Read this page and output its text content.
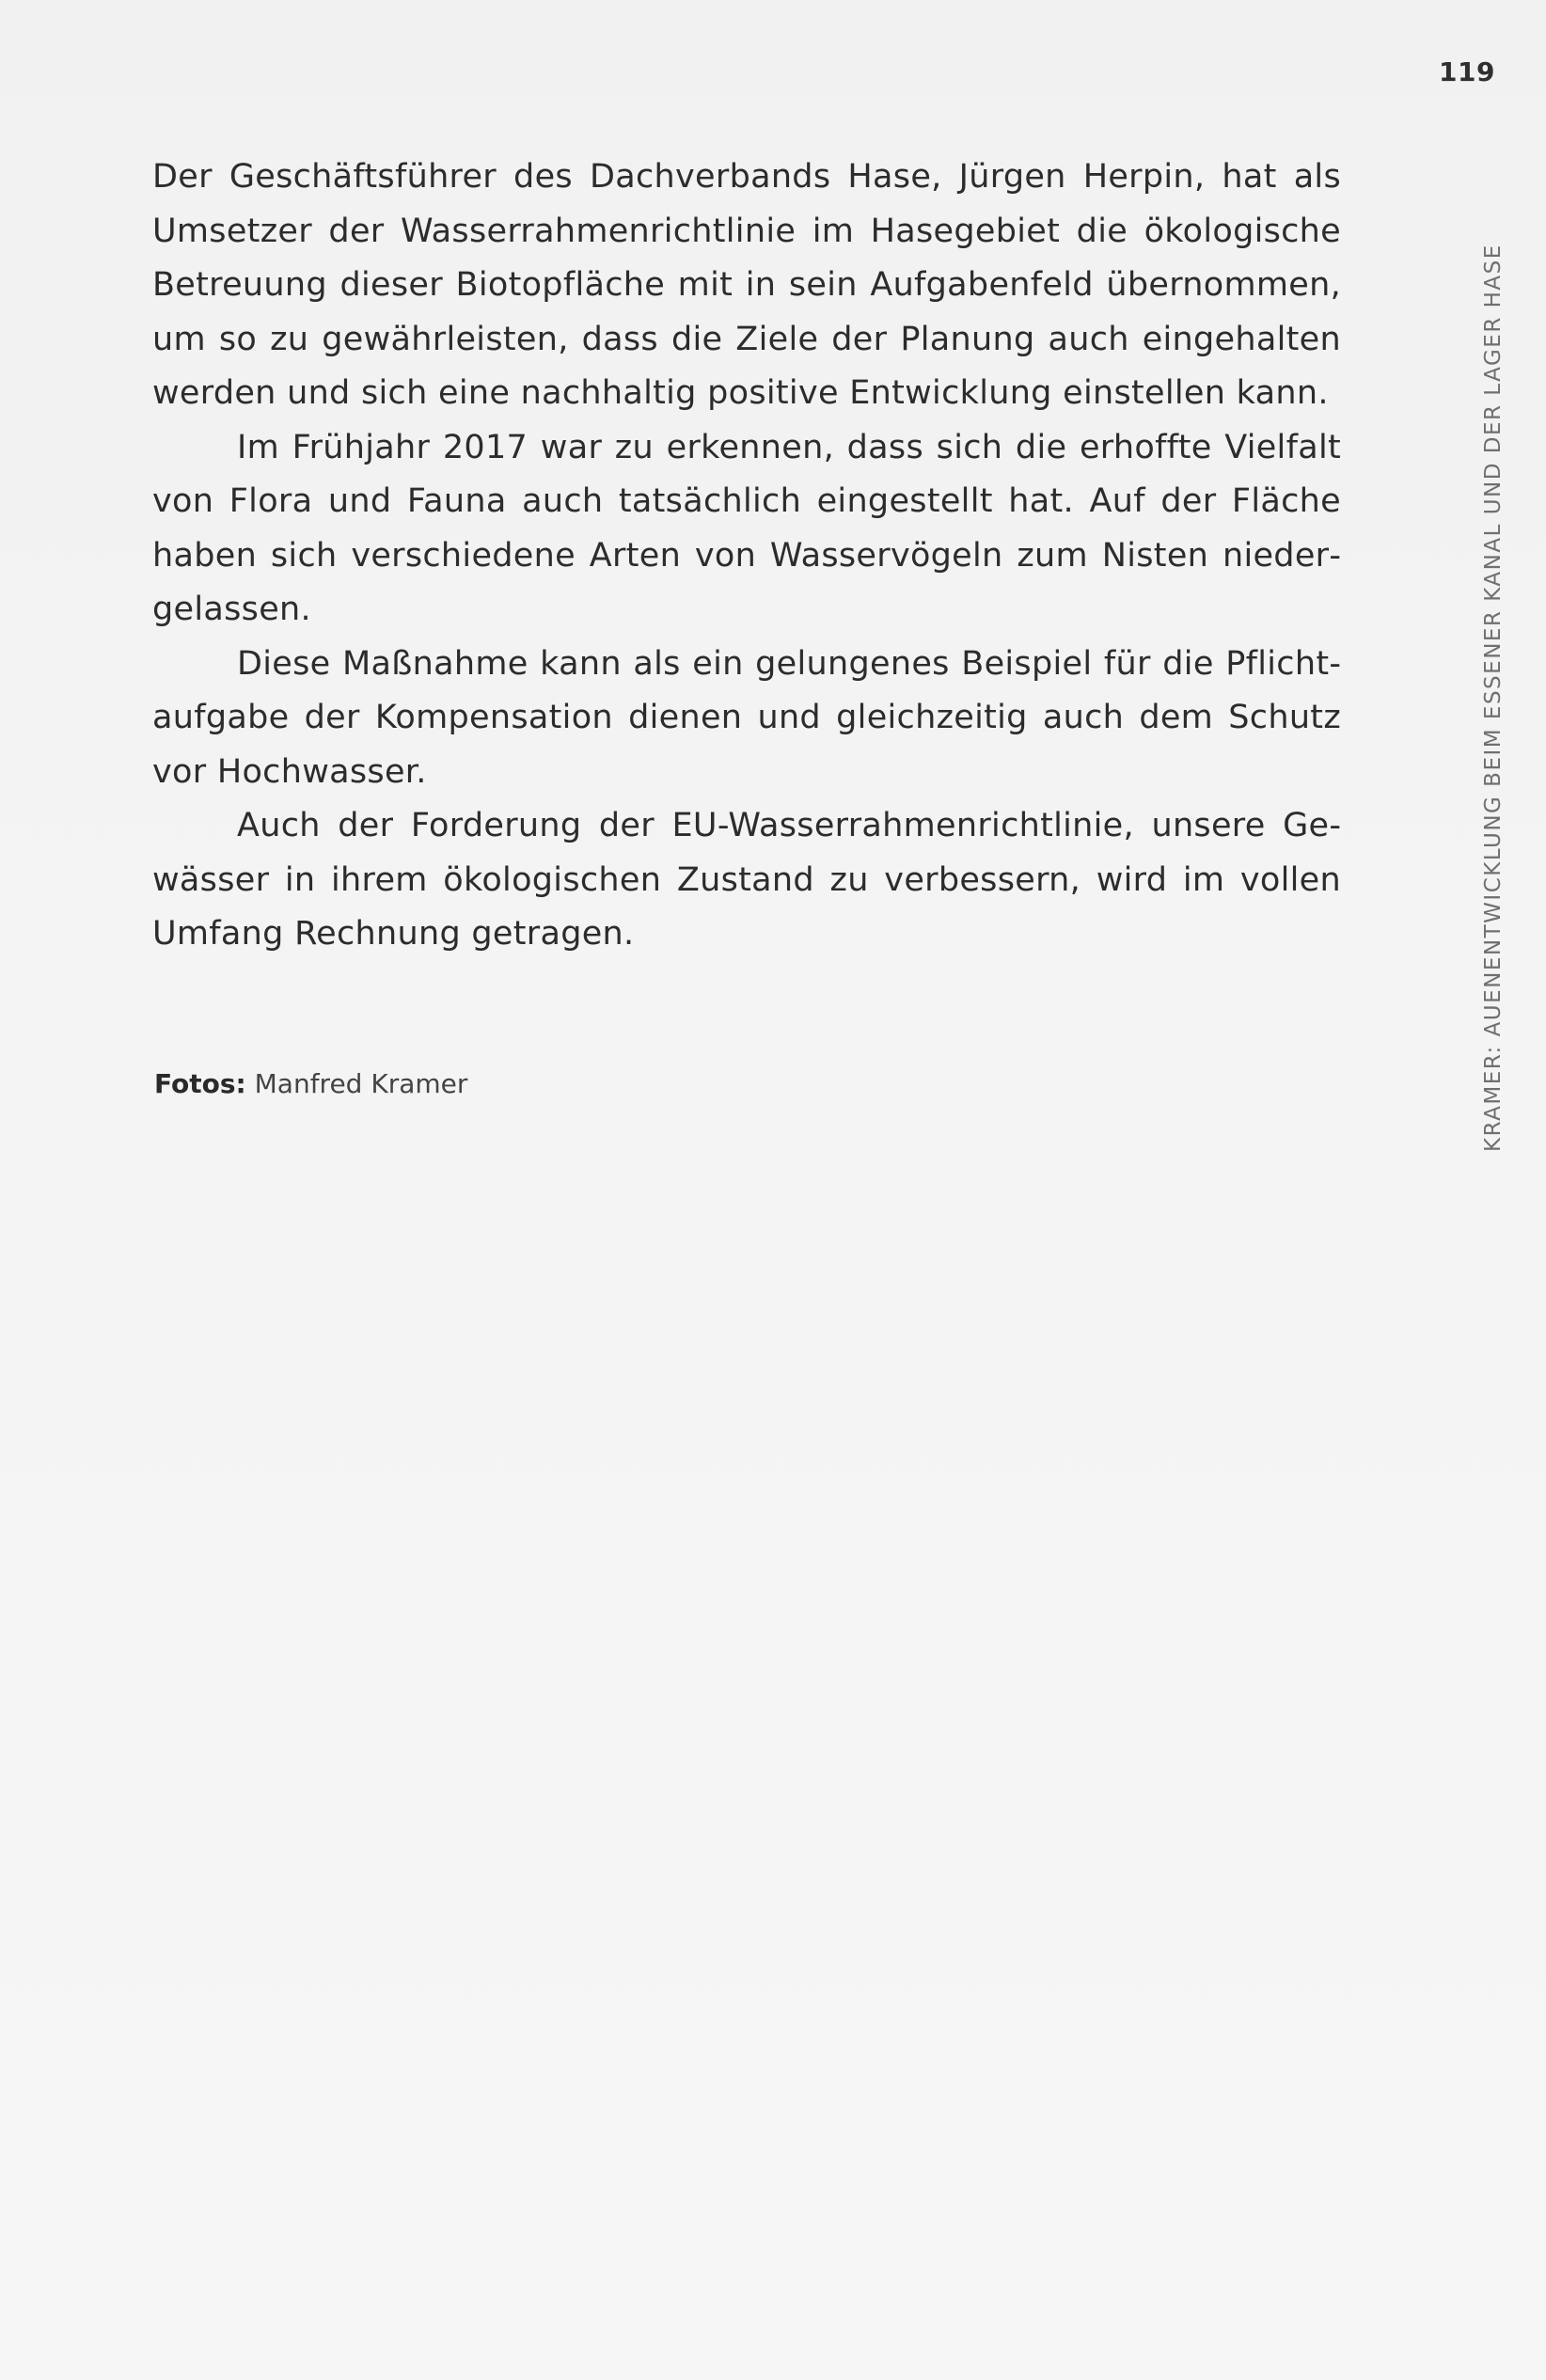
119
KRAMER: AUENENTWICKLUNG BEIM ESSENER KANAL UND DER LAGER HASE

Der Geschäftsführer des Dachverbands Hase, Jürgen Herpin, hat als Umsetzer der Wasserrahmenrichtlinie im Hasegebiet die ökologische Betreuung dieser Biotopfläche mit in sein Aufgabenfeld übernommen, um so zu gewährleisten, dass die Ziele der Planung auch eingehalten werden und sich eine nachhaltig positive Entwicklung einstellen kann.

Im Frühjahr 2017 war zu erkennen, dass sich die erhoffte Vielfalt von Flora und Fauna auch tatsächlich eingestellt hat. Auf der Fläche haben sich verschiedene Arten von Wasservögeln zum Nisten niedergelassen.

Diese Maßnahme kann als ein gelungenes Beispiel für die Pflichtaufgabe der Kompensation dienen und gleichzeitig auch dem Schutz vor Hochwasser.

Auch der Forderung der EU-Wasserrahmenrichtlinie, unsere Gewässer in ihrem ökologischen Zustand zu verbessern, wird im vollen Umfang Rechnung getragen.

Fotos: Manfred Kramer
